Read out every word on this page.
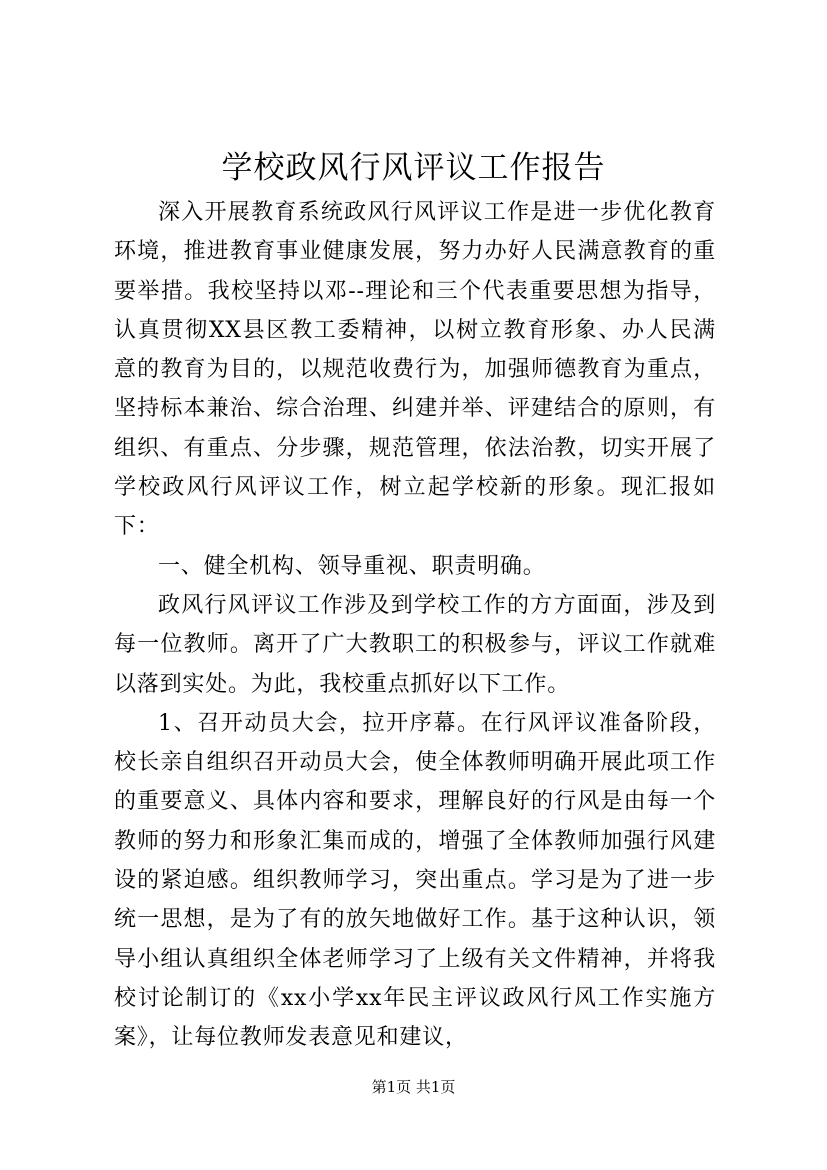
学校政风行风评议工作报告

深入开展教育系统政风行风评议工作是进一步优化教育环境，推进教育事业健康发展，努力办好人民满意教育的重要举措。我校坚持以邓--理论和三个代表重要思想为指导，认真贯彻XX县区教工委精神，以树立教育形象、办人民满意的教育为目的，以规范收费行为，加强师德教育为重点，坚持标本兼治、综合治理、纠建并举、评建结合的原则，有组织、有重点、分步骤，规范管理，依法治教，切实开展了学校政风行风评议工作，树立起学校新的形象。现汇报如下：

一、健全机构、领导重视、职责明确。

政风行风评议工作涉及到学校工作的方方面面，涉及到每一位教师。离开了广大教职工的积极参与，评议工作就难以落到实处。为此，我校重点抓好以下工作。

1、召开动员大会，拉开序幕。在行风评议准备阶段，校长亲自组织召开动员大会，使全体教师明确开展此项工作的重要意义、具体内容和要求，理解良好的行风是由每一个教师的努力和形象汇集而成的，增强了全体教师加强行风建设的紧迫感。组织教师学习，突出重点。学习是为了进一步统一思想，是为了有的放矢地做好工作。基于这种认识，领导小组认真组织全体老师学习了上级有关文件精神，并将我校讨论制订的《xx小学xx年民主评议政风行风工作实施方案》，让每位教师发表意见和建议，

第1页 共1页
